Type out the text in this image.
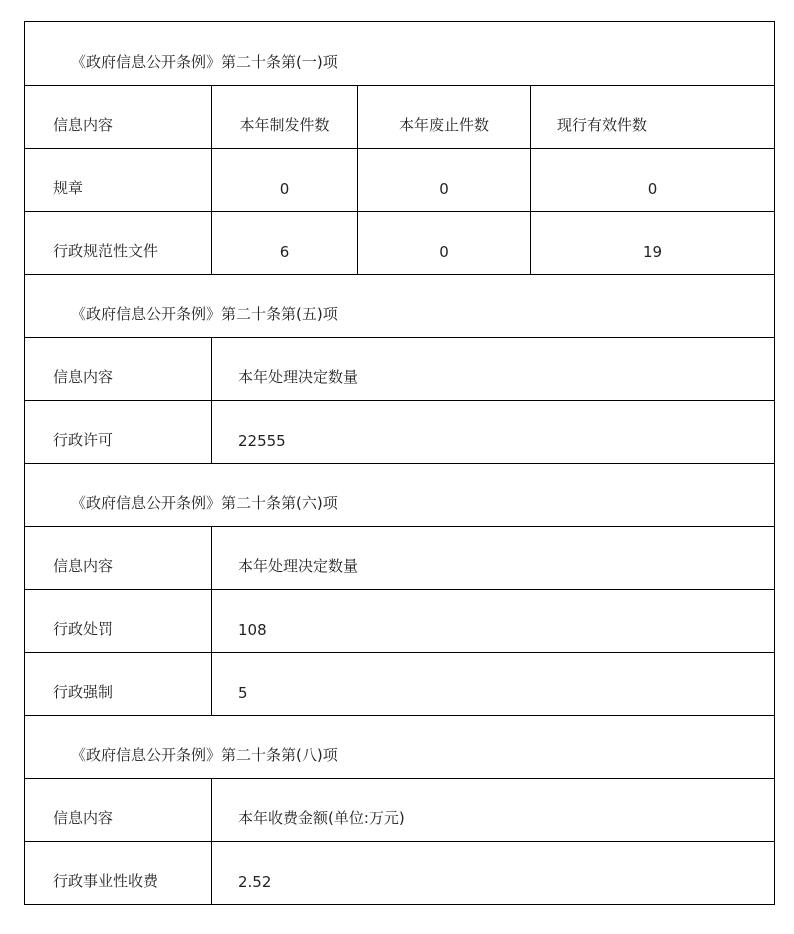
《政府信息公开条例》第二十条第(一)项			
信息内容	本年制发件数	本年废止件数	现行有效件数
规章	0	0	0
行政规范性文件	6	0	19
《政府信息公开条例》第二十条第(五)项			
信息内容	本年处理决定数量		
行政许可	22555		
《政府信息公开条例》第二十条第(六)项			
信息内容	本年处理决定数量		
行政处罚	108		
行政强制	5		
《政府信息公开条例》第二十条第(八)项			
信息内容	本年收费金额(单位:万元)		
行政事业性收费	2.52		
